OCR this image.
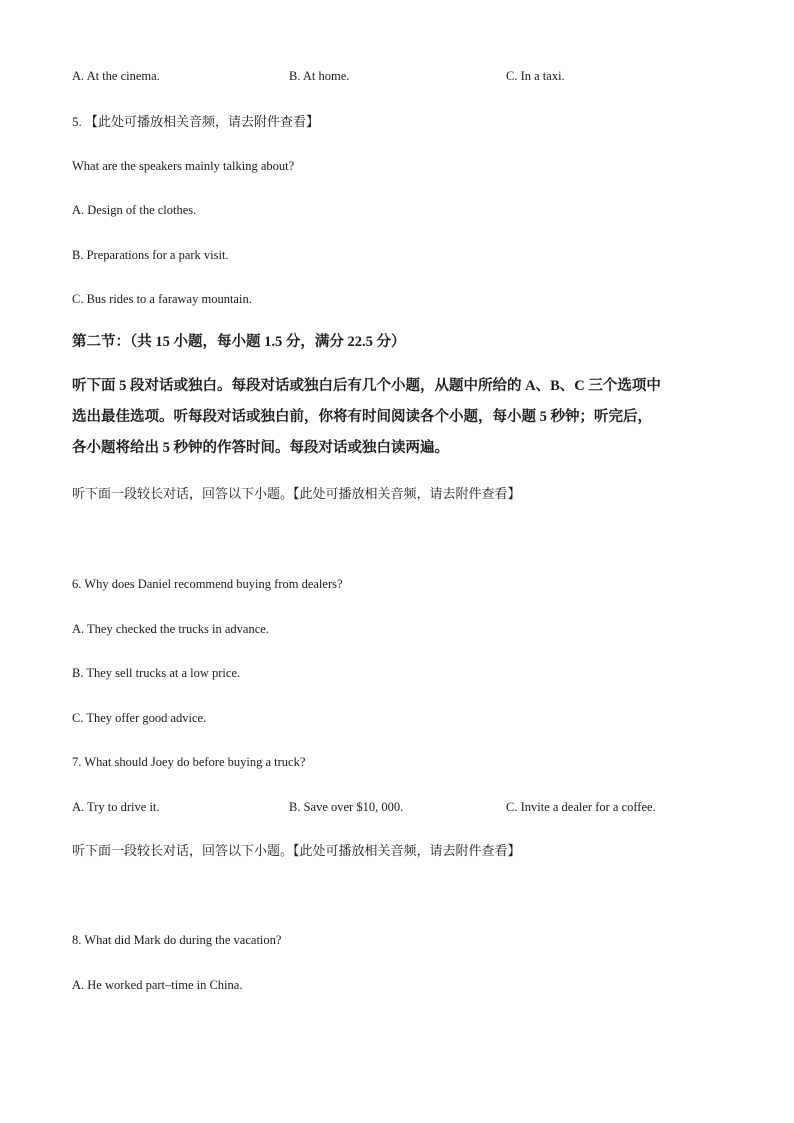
A. At the cinema.	B. At home.	C. In a taxi.
5. 【此处可播放相关音频，请去附件查看】
What are the speakers mainly talking about?
A. Design of the clothes.
B. Preparations for a park visit.
C. Bus rides to a faraway mountain.
第二节：（共 15 小题，每小题 1.5 分，满分 22.5 分）
听下面 5 段对话或独白。每段对话或独白后有几个小题，从题中所给的 A、B、C 三个选项中
选出最佳选项。听每段对话或独白前，你将有时间阅读各个小题，每小题 5 秒钟；听完后，
各小题将给出 5 秒钟的作答时间。每段对话或独白读两遍。
听下面一段较长对话，回答以下小题。【此处可播放相关音频，请去附件查看】
6. Why does Daniel recommend buying from dealers?
A. They checked the trucks in advance.
B. They sell trucks at a low price.
C. They offer good advice.
7. What should Joey do before buying a truck?
A. Try to drive it.	B. Save over $10, 000.	C. Invite a dealer for a coffee.
听下面一段较长对话，回答以下小题。【此处可播放相关音频，请去附件查看】
8. What did Mark do during the vacation?
A. He worked part–time in China.
